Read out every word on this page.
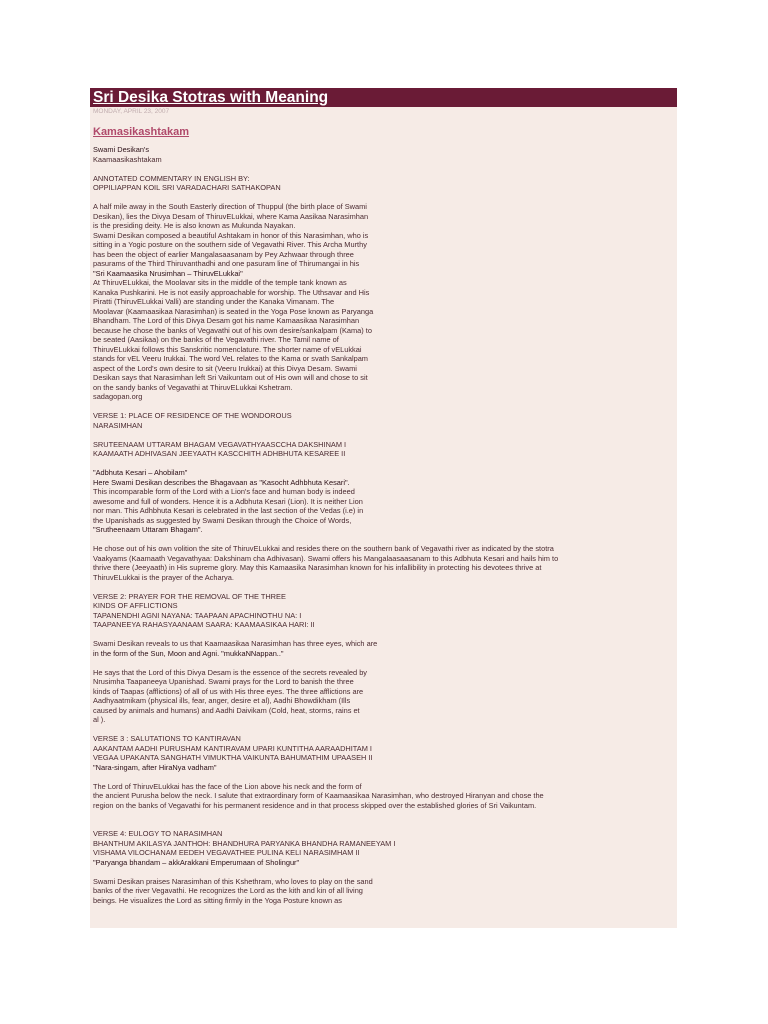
Sri Desika Stotras with Meaning
MONDAY, APRIL 23, 2007
Kamasikashtakam
Swami Desikan's
Kaamaasikashtakam
ANNOTATED COMMENTARY IN ENGLISH BY:
OPPILIAPPAN KOIL SRI VARADACHARI SATHAKOPAN
A half mile away in the South Easterly direction of Thuppul (the birth place of Swami
Desikan), lies the Divya Desam of ThiruvELukkai, where Kama Aasikaa Narasimhan
is the presiding deity. He is also known as Mukunda Nayakan.
Swami Desikan composed a beautiful Ashtakam in honor of this Narasimhan, who is
sitting in a Yogic posture on the southern side of Vegavathi River. This Archa Murthy
has been the object of earlier Mangalasaasanam by Pey Azhwaar through three
pasurams of the Third Thiruvanthadhi and one pasuram line of Thirumangai in his
"Sri Kaamaasika Nrusimhan – ThiruvELukkai"
At ThiruvELukkai, the Moolavar sits in the middle of the temple tank known as
Kanaka Pushkarini. He is not easily approachable for worship. The Uthsavar and His
Piratti (ThiruvELukkai Valli) are standing under the Kanaka Vimanam. The
Moolavar (Kaamaasikaa Narasimhan) is seated in the Yoga Pose known as Paryanga
Bhandham. The Lord of this Divya Desam got his name Kamaasikaa Narasimhan
because he chose the banks of Vegavathi out of his own desire/sankalpam (Kama) to
be seated (Aasikaa) on the banks of the Vegavathi river. The Tamil name of
ThiruvELukkai follows this Sanskritic nomenclature. The shorter name of vELukkai
stands for vEL Veeru Irukkai. The word VeL relates to the Kama or svath Sankalpam
aspect of the Lord's own desire to sit (Veeru Irukkai) at this Divya Desam. Swami
Desikan says that Narasimhan left Sri Vaikuntam out of His own will and chose to sit
on the sandy banks of Vegavathi at ThiruvELukkai Kshetram.
sadagopan.org
VERSE 1: PLACE OF RESIDENCE OF THE WONDOROUS
NARASIMHAN
SRUTEENAAM UTTARAM BHAGAM VEGAVATHYAASCCHA DAKSHINAM I
KAAMAATH ADHIVASAN JEEYAATH KASCCHITH ADHBHUTA KESAREE II
"Adbhuta Kesari – Ahobilam"
Here Swami Desikan describes the Bhagavaan as "Kasocht Adhbhuta Kesari".
This incomparable form of the Lord with a Lion's face and human body is indeed
awesome and full of wonders. Hence it is a Adbhuta Kesari (Lion). It is neither Lion
nor man. This Adhbhuta Kesari is celebrated in the last section of the Vedas (i.e) in
the Upanishads as suggested by Swami Desikan through the Choice of Words,
"Srutheenaam Uttaram Bhagam".
He chose out of his own volition the site of ThiruvELukkai and resides there on the southern bank of Vegavathi river as indicated by the stotra
Vaakyams (Kaamaath Vegavathyaa: Dakshinam cha Adhivasan). Swami offers his Mangalaasaasanam to this Adbhuta Kesari and hails him to
thrive there (Jeeyaath) in His supreme glory. May this Kamaasika Narasimhan known for his infallibility in protecting his devotees thrive at
ThiruvELukkai is the prayer of the Acharya.
VERSE 2: PRAYER FOR THE REMOVAL OF THE THREE
KINDS OF AFFLICTIONS
TAPANENDHI AGNI NAYANA: TAAPAAN APACHINOTHU NA: I
TAAPANEEYA RAHASYAANAAM SAARA: KAAMAASIKAA HARI: II
Swami Desikan reveals to us that Kaamaasikaa Narasimhan has three eyes, which are
in the form of the Sun, Moon and Agni. "mukkaNNappan.."
He says that the Lord of this Divya Desam is the essence of the secrets revealed by
Nrusimha Taapaneeya Upanishad. Swami prays for the Lord to banish the three
kinds of Taapas (afflictions) of all of us with His three eyes. The three afflictions are
Aadhyaatmikam (physical ills, fear, anger, desire et al), Aadhi Bhowdikham (Ills
caused by animals and humans) and Aadhi Daivikam (Cold, heat, storms, rains et
al ).
VERSE 3 : SALUTATIONS TO KANTIRAVAN
AAKANTAM AADHI PURUSHAM KANTIRAVAM UPARI KUNTITHA AARAADHITAM I
VEGAA UPAKANTA SANGHATH VIMUKTHA VAIKUNTA BAHUMATHIM UPAASEH II
"Nara-singam, after HiraNya vadham"
The Lord of ThiruvELukkai has the face of the Lion above his neck and the form of
the ancient Purusha below the neck. I salute that extraordinary form of Kaamaasikaa Narasimhan, who destroyed Hiranyan and chose the
region on the banks of Vegavathi for his permanent residence and in that process skipped over the established glories of Sri Vaikuntam.
VERSE 4: EULOGY TO NARASIMHAN
BHANTHUM AKILASYA JANTHOH: BHANDHURA PARYANKA BHANDHA RAMANEEYAM I
VISHAMA VILOCHANAM EEDEH VEGAVATHEE PULINA KELI NARASIMHAM II
"Paryanga bhandam – akkArakkani Emperumaan of Sholingur"
Swami Desikan praises Narasimhan of this Kshethram, who loves to play on the sand
banks of the river Vegavathi. He recognizes the Lord as the kith and kin of all living
beings. He visualizes the Lord as sitting firmly in the Yoga Posture known as
